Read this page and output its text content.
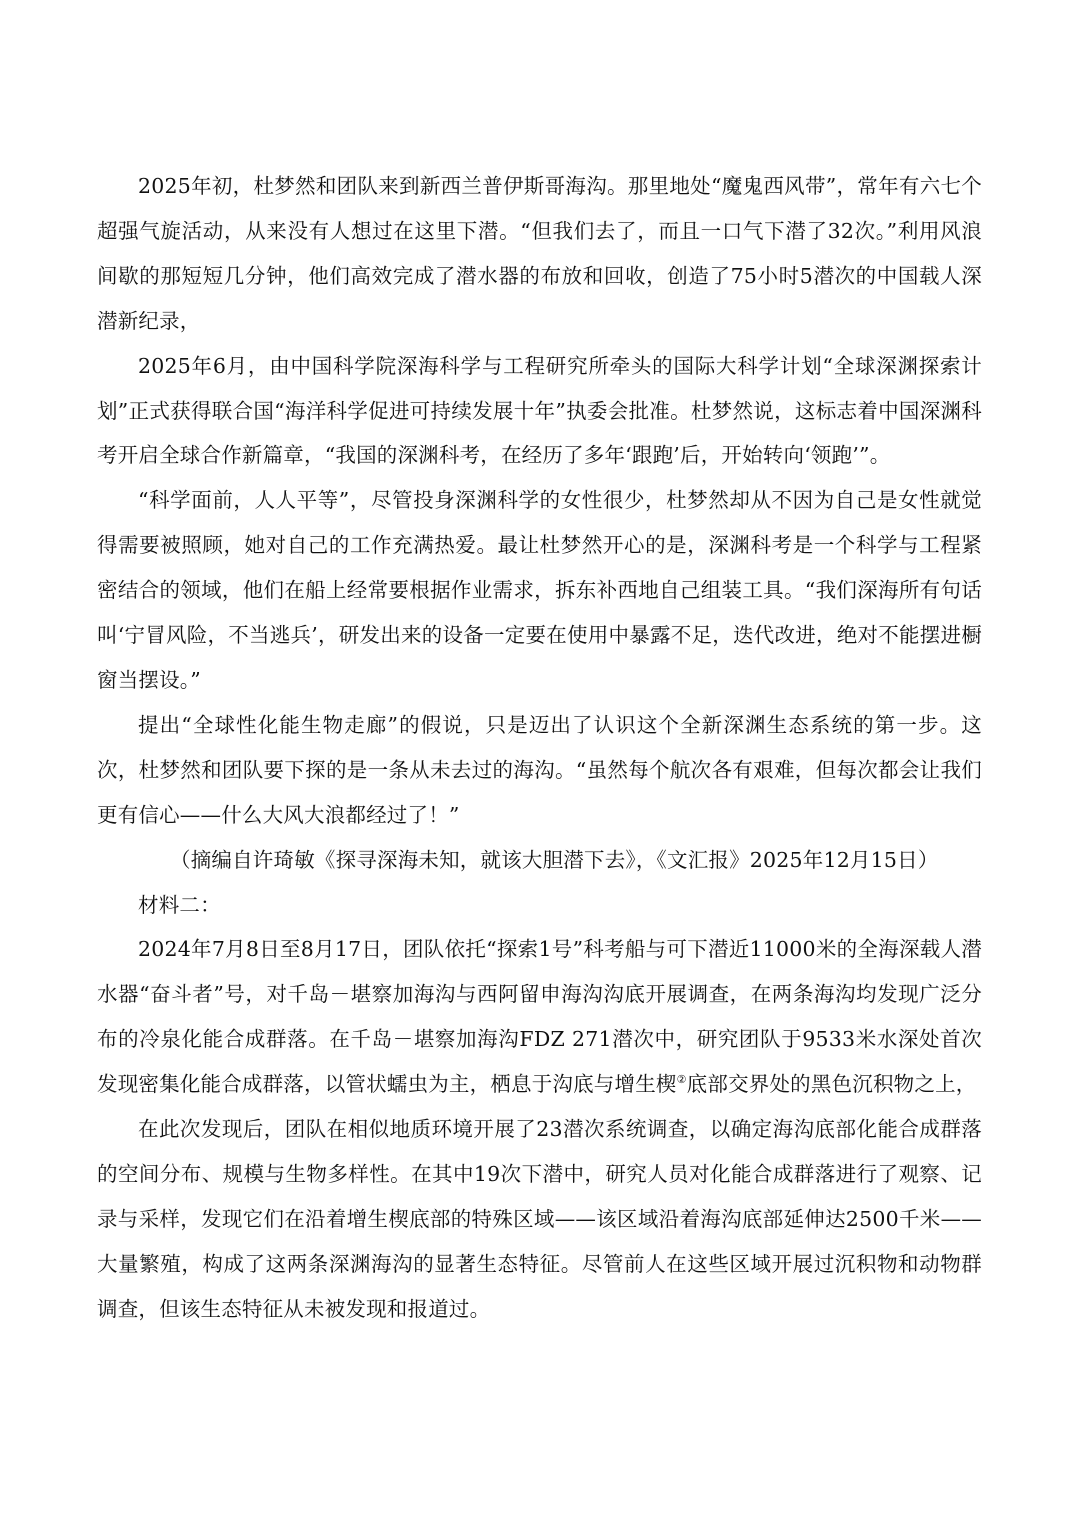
2025年初，杜梦然和团队来到新西兰普伊斯哥海沟。那里地处“魔鬼西风带”，常年有六七个超强气旋活动，从来没有人想过在这里下潜。“但我们去了，而且一口气下潜了32次。”利用风浪间歇的那短短几分钟，他们高效完成了潜水器的布放和回收，创造了75小时5潜次的中国载人深潜新纪录，

2025年6月，由中国科学院深海科学与工程研究所牵头的国际大科学计划“全球深渊探索计划”正式获得联合国“海洋科学促进可持续发展十年”执委会批准。杜梦然说，这标志着中国深渊科考开启全球合作新篇章，“我国的深渊科考，在经历了多年‘跟跑’后，开始转向‘领跑’”。

“科学面前，人人平等”，尽管投身深渊科学的女性很少，杜梦然却从不因为自己是女性就觉得需要被照顾，她对自己的工作充满热爱。最让杜梦然开心的是，深渊科考是一个科学与工程紧密结合的领域，他们在船上经常要根据作业需求，拆东补西地自己组装工具。“我们深海所有句话叫‘宁冒风险，不当逃兵’，研发出来的设备一定要在使用中暴露不足，迭代改进，绝对不能摆进橱窗当摆设。”

提出“全球性化能生物走廊”的假说，只是迈出了认识这个全新深渊生态系统的第一步。这次，杜梦然和团队要下探的是一条从未去过的海沟。“虽然每个航次各有艰难，但每次都会让我们更有信心——什么大风大浪都经过了！”

（摘编自许琦敏《探寻深海未知，就该大胆潜下去》，《文汇报》2025年12月15日）

材料二：

2024年7月8日至8月17日，团队依托“探索1号”科考船与可下潜近11000米的全海深载人潜水器“奋斗者”号，对千岛－堪察加海沟与西阿留申海沟沟底开展调查，在两条海沟均发现广泛分布的冷泉化能合成群落。在千岛－堪察加海沟FDZ 271潜次中，研究团队于9533米水深处首次发现密集化能合成群落，以管状蠕虫为主，栖息于沟底与增生楔②底部交界处的黑色沉积物之上，

在此次发现后，团队在相似地质环境开展了23潜次系统调查，以确定海沟底部化能合成群落的空间分布、规模与生物多样性。在其中19次下潜中，研究人员对化能合成群落进行了观察、记录与采样，发现它们在沿着增生楔底部的特殊区域——该区域沿着海沟底部延伸达2500千米——大量繁殖，构成了这两条深渊海沟的显著生态特征。尽管前人在这些区域开展过沉积物和动物群调查，但该生态特征从未被发现和报道过。
